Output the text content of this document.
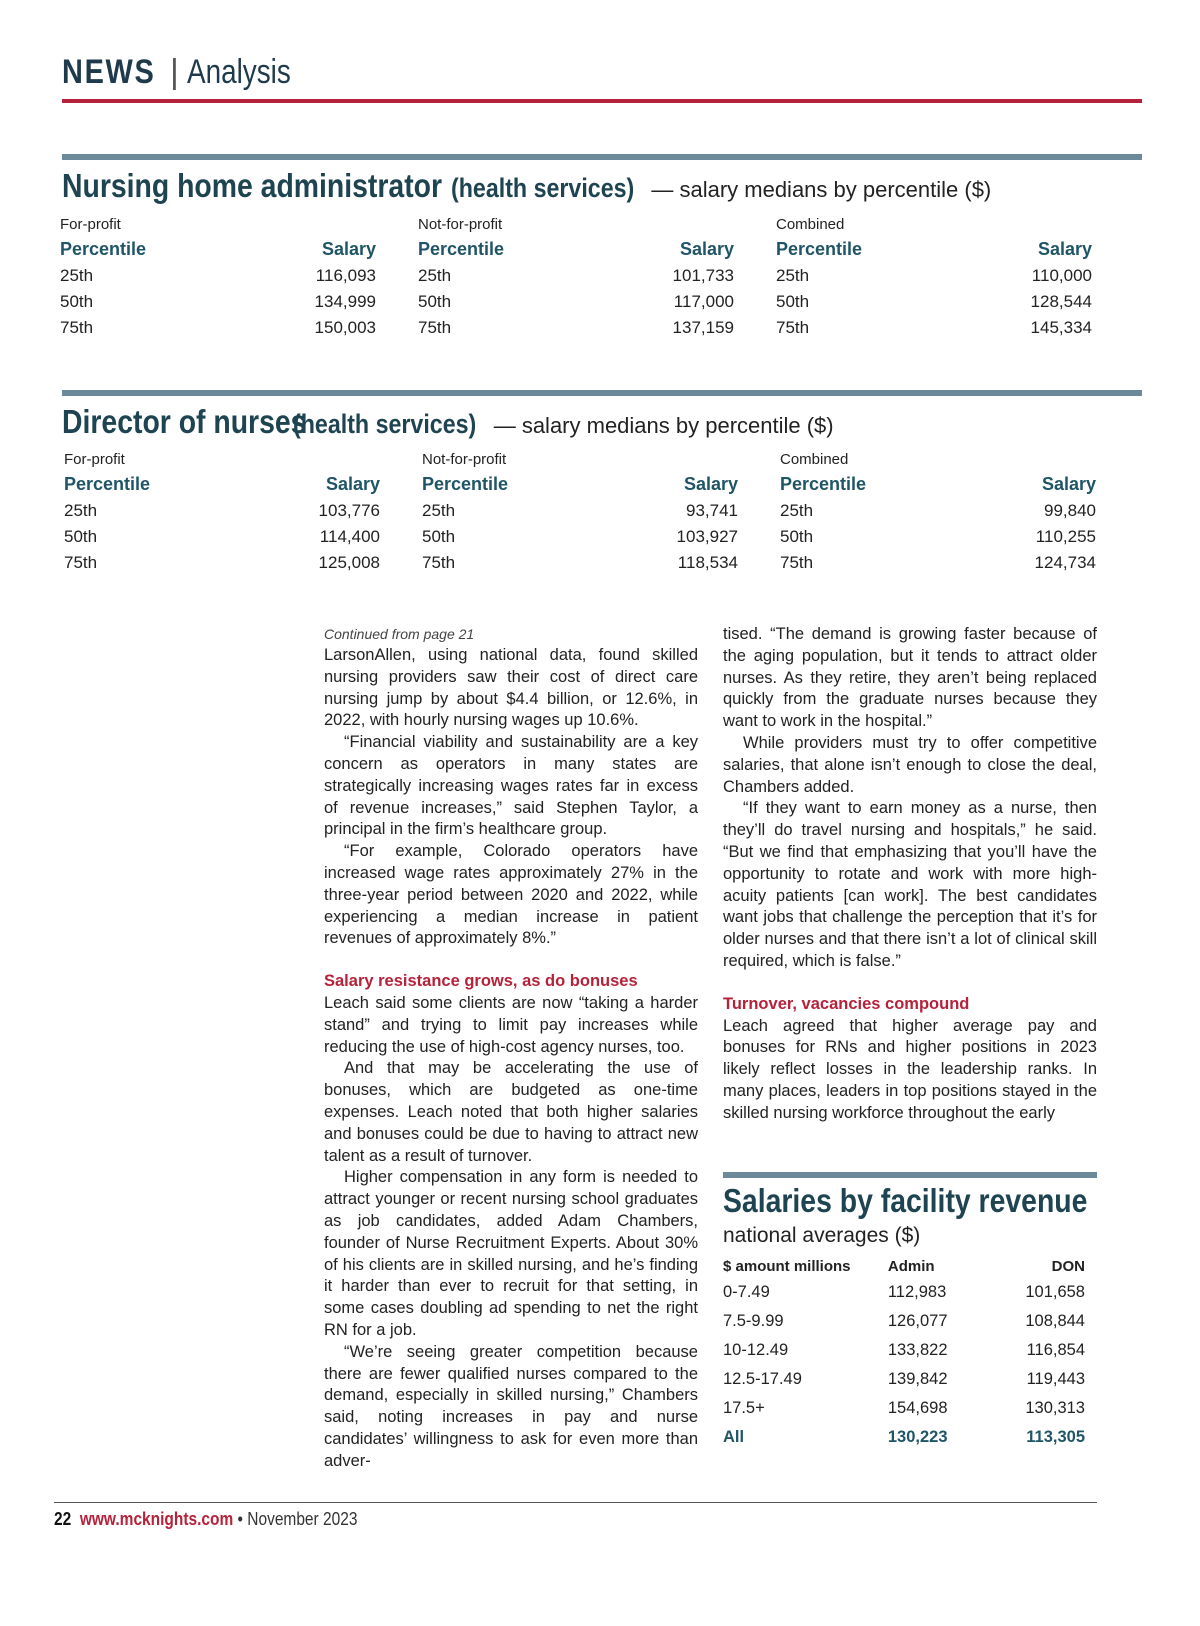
NEWS | Analysis
Nursing home administrator (health services) — salary medians by percentile ($)
For-profit
Percentile	Salary
25th	116,093
50th	134,999
75th	150,003
Not-for-profit
Percentile	Salary
25th	101,733
50th	117,000
75th	137,159
Combined
Percentile	Salary
25th	110,000
50th	128,544
75th	145,334
Director of nurses (health services) — salary medians by percentile ($)
For-profit
Percentile	Salary
25th	103,776
50th	114,400
75th	125,008
Not-for-profit
Percentile	Salary
25th	93,741
50th	103,927
75th	118,534
Combined
Percentile	Salary
25th	99,840
50th	110,255
75th	124,734
Continued from page 21

LarsonAllen, using national data, found skilled nursing providers saw their cost of direct care nursing jump by about $4.4 billion, or 12.6%, in 2022, with hourly nursing wages up 10.6%.

“Financial viability and sustainability are a key concern as operators in many states are strategically increasing wages rates far in excess of revenue increases,” said Stephen Taylor, a principal in the firm’s healthcare group.

“For example, Colorado operators have increased wage rates approximately 27% in the three-year period between 2020 and 2022, while experiencing a median increase in patient revenues of approximately 8%.”

Salary resistance grows, as do bonuses

Leach said some clients are now “taking a harder stand” and trying to limit pay increases while reducing the use of high-cost agency nurses, too.

And that may be accelerating the use of bonuses, which are budgeted as one-time expenses. Leach noted that both higher salaries and bonuses could be due to having to attract new talent as a result of turnover.

Higher compensation in any form is needed to attract younger or recent nursing school graduates as job candidates, added Adam Chambers, founder of Nurse Recruitment Experts. About 30% of his clients are in skilled nursing, and he’s finding it harder than ever to recruit for that setting, in some cases doubling ad spending to net the right RN for a job.

“We’re seeing greater competition because there are fewer qualified nurses compared to the demand, especially in skilled nursing,” Chambers said, noting increases in pay and nurse candidates’ willingness to ask for even more than adver-

tised. “The demand is growing faster because of the aging population, but it tends to attract older nurses. As they retire, they aren’t being replaced quickly from the graduate nurses because they want to work in the hospital.”

While providers must try to offer competitive salaries, that alone isn’t enough to close the deal, Chambers added.

“If they want to earn money as a nurse, then they’ll do travel nursing and hospitals,” he said. “But we find that emphasizing that you’ll have the opportunity to rotate and work with more high-acuity patients [can work]. The best candidates want jobs that challenge the perception that it’s for older nurses and that there isn’t a lot of clinical skill required, which is false.”

Turnover, vacancies compound

Leach agreed that higher average pay and bonuses for RNs and higher positions in 2023 likely reflect losses in the leadership ranks. In many places, leaders in top positions stayed in the skilled nursing workforce throughout the early

Salaries by facility revenue
national averages ($)
$ amount millions	Admin	DON
0-7.49	112,983	101,658
7.5-9.99	126,077	108,844
10-12.49	133,822	116,854
12.5-17.49	139,842	119,443
17.5+	154,698	130,313
All	130,223	113,305
22 www.mcknights.com • November 2023
